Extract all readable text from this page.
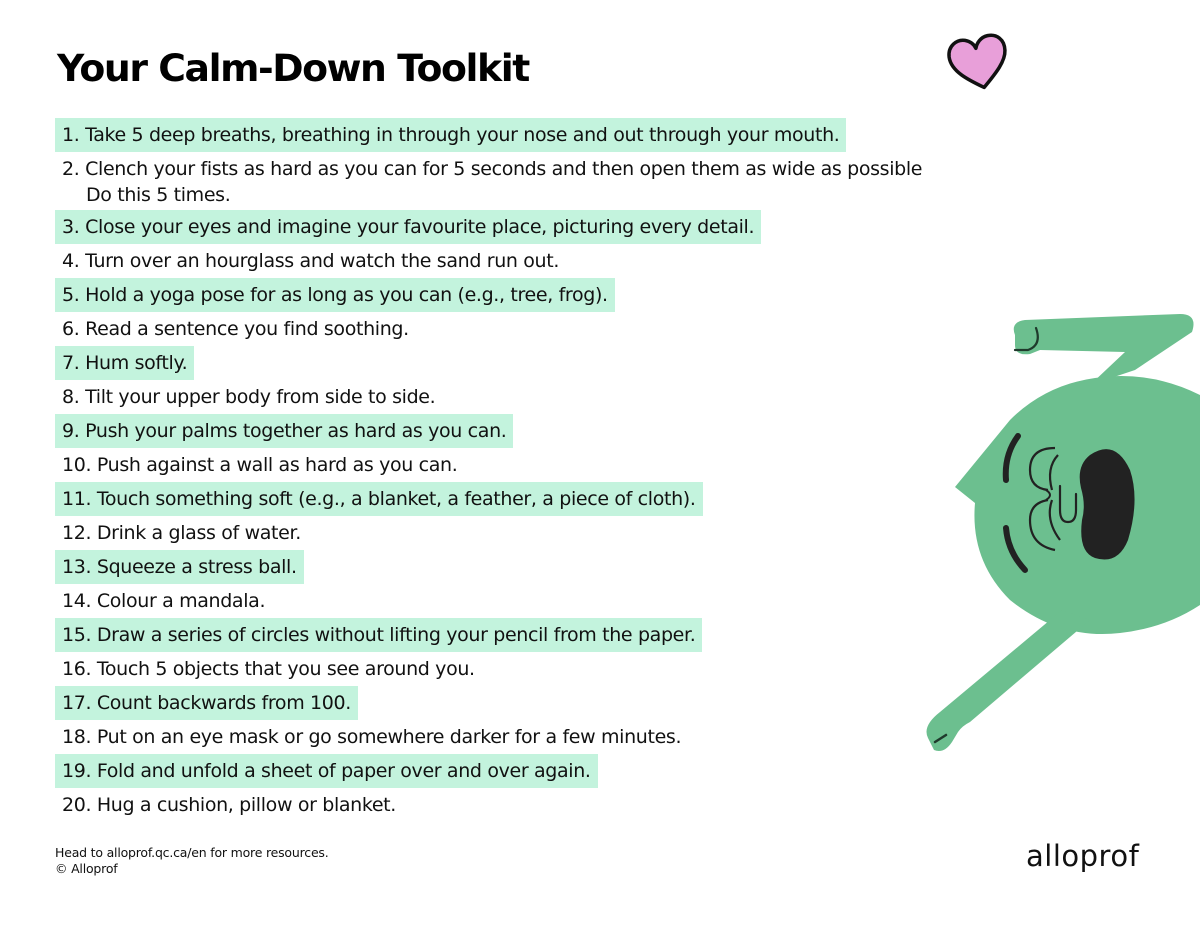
Your Calm-Down Toolkit
1. Take 5 deep breaths, breathing in through your nose and out through your mouth.
2. Clench your fists as hard as you can for 5 seconds and then open them as wide as possible
Do this 5 times.
3. Close your eyes and imagine your favourite place, picturing every detail.
4. Turn over an hourglass and watch the sand run out.
5. Hold a yoga pose for as long as you can (e.g., tree, frog).
6. Read a sentence you find soothing.
7. Hum softly.
8. Tilt your upper body from side to side.
9. Push your palms together as hard as you can.
10. Push against a wall as hard as you can.
11. Touch something soft (e.g., a blanket, a feather, a piece of cloth).
12. Drink a glass of water.
13. Squeeze a stress ball.
14. Colour a mandala.
15. Draw a series of circles without lifting your pencil from the paper.
16. Touch 5 objects that you see around you.
17. Count backwards from 100.
18. Put on an eye mask or go somewhere darker for a few minutes.
19. Fold and unfold a sheet of paper over and over again.
20. Hug a cushion, pillow or blanket.
Head to alloprof.qc.ca/en for more resources.
© Alloprof	alloprof
